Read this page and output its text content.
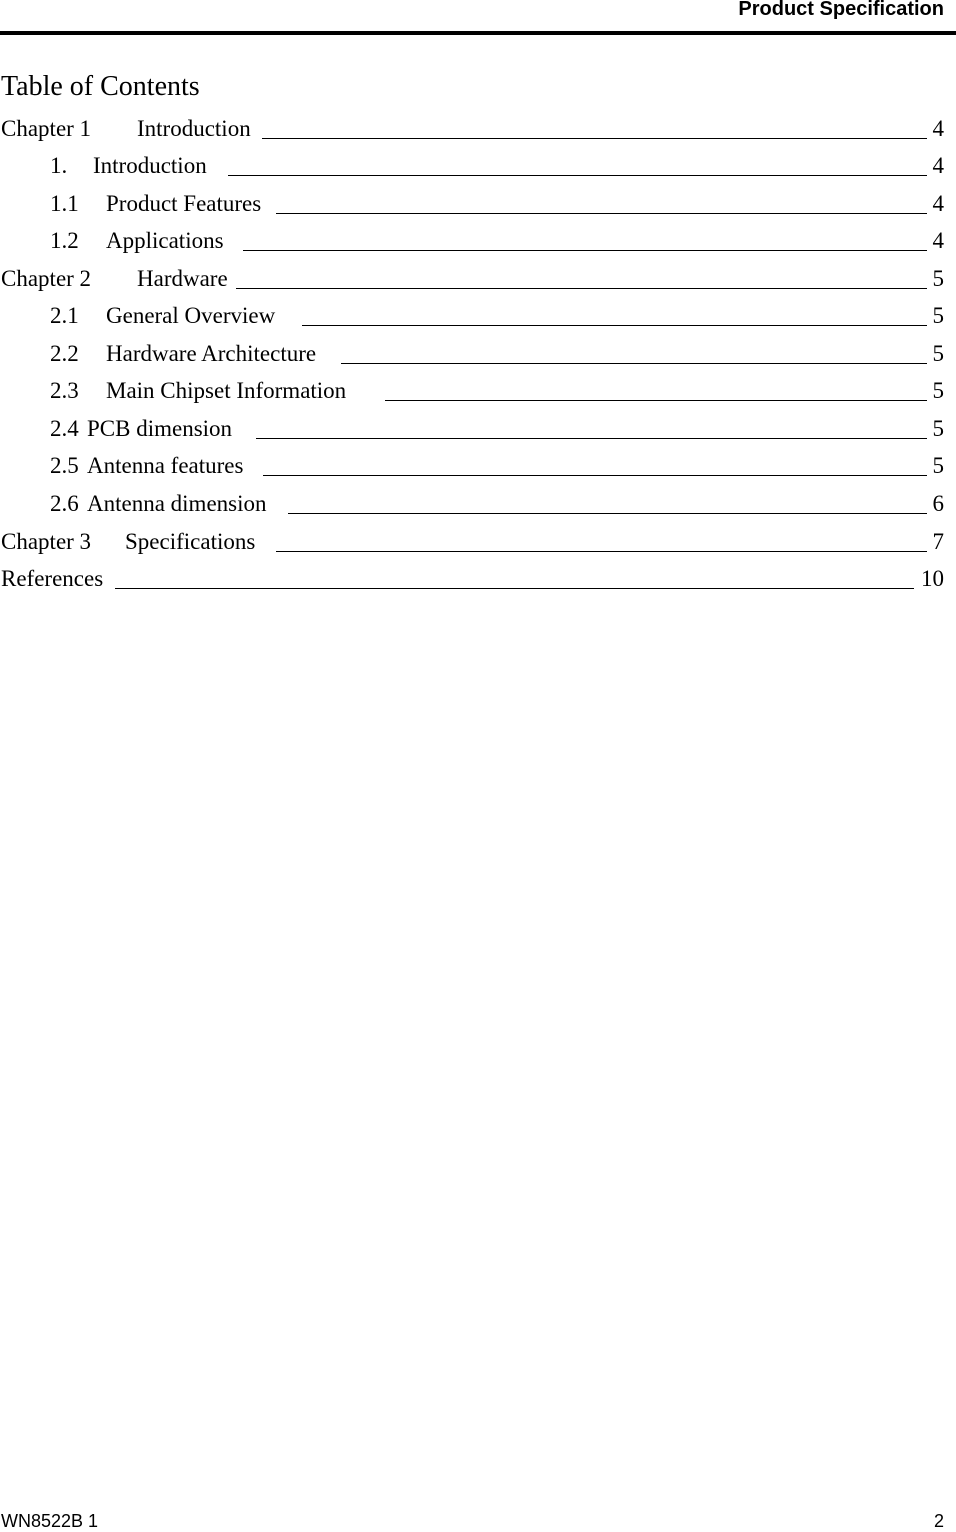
Product Specification
Table of Contents
Chapter 1 Introduction	4
1. Introduction	4
1.1 Product Features	4
1.2 Applications	4
Chapter 2 Hardware	5
2.1 General Overview	5
2.2 Hardware Architecture	5
2.3 Main Chipset Information	5
2.4 PCB dimension	5
2.5 Antenna features	5
2.6 Antenna dimension	6
Chapter 3 Specifications	7
References	10
WN8522B 1	2
